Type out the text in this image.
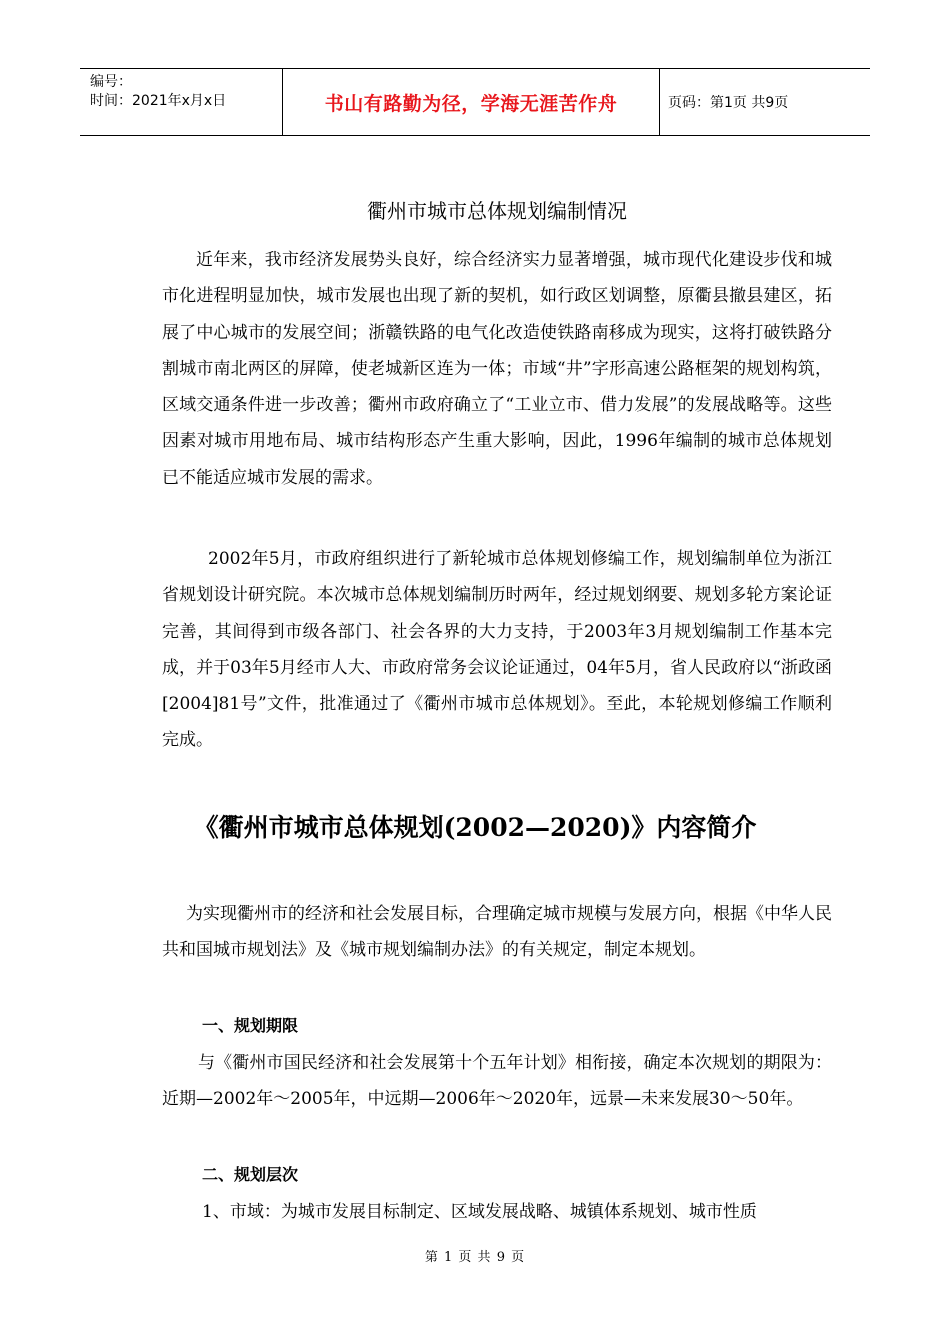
编号：
时间：2021年x月x日	书山有路勤为径，学海无涯苦作舟	页码：第1页 共9页
衢州市城市总体规划编制情况

近年来，我市经济发展势头良好，综合经济实力显著增强，城市现代化建设步伐和城市化进程明显加快，城市发展也出现了新的契机，如行政区划调整，原衢县撤县建区，拓展了中心城市的发展空间；浙赣铁路的电气化改造使铁路南移成为现实，这将打破铁路分割城市南北两区的屏障，使老城新区连为一体；市域“井”字形高速公路框架的规划构筑，区域交通条件进一步改善；衢州市政府确立了“工业立市、借力发展”的发展战略等。这些因素对城市用地布局、城市结构形态产生重大影响，因此，1996年编制的城市总体规划已不能适应城市发展的需求。

2002年5月，市政府组织进行了新轮城市总体规划修编工作，规划编制单位为浙江省规划设计研究院。本次城市总体规划编制历时两年，经过规划纲要、规划多轮方案论证完善，其间得到市级各部门、社会各界的大力支持，于2003年3月规划编制工作基本完成，并于03年5月经市人大、市政府常务会议论证通过，04年5月，省人民政府以“浙政函[2004]81号”文件，批准通过了《衢州市城市总体规划》。至此，本轮规划修编工作顺利完成。

《衢州市城市总体规划(2002—2020)》内容简介

为实现衢州市的经济和社会发展目标，合理确定城市规模与发展方向，根据《中华人民共和国城市规划法》及《城市规划编制办法》的有关规定，制定本规划。

一、规划期限

与《衢州市国民经济和社会发展第十个五年计划》相衔接，确定本次规划的期限为：近期—2002年～2005年，中远期—2006年～2020年，远景—未来发展30～50年。

二、规划层次

1、市域：为城市发展目标制定、区域发展战略、城镇体系规划、城市性质

第 1 页 共 9 页
